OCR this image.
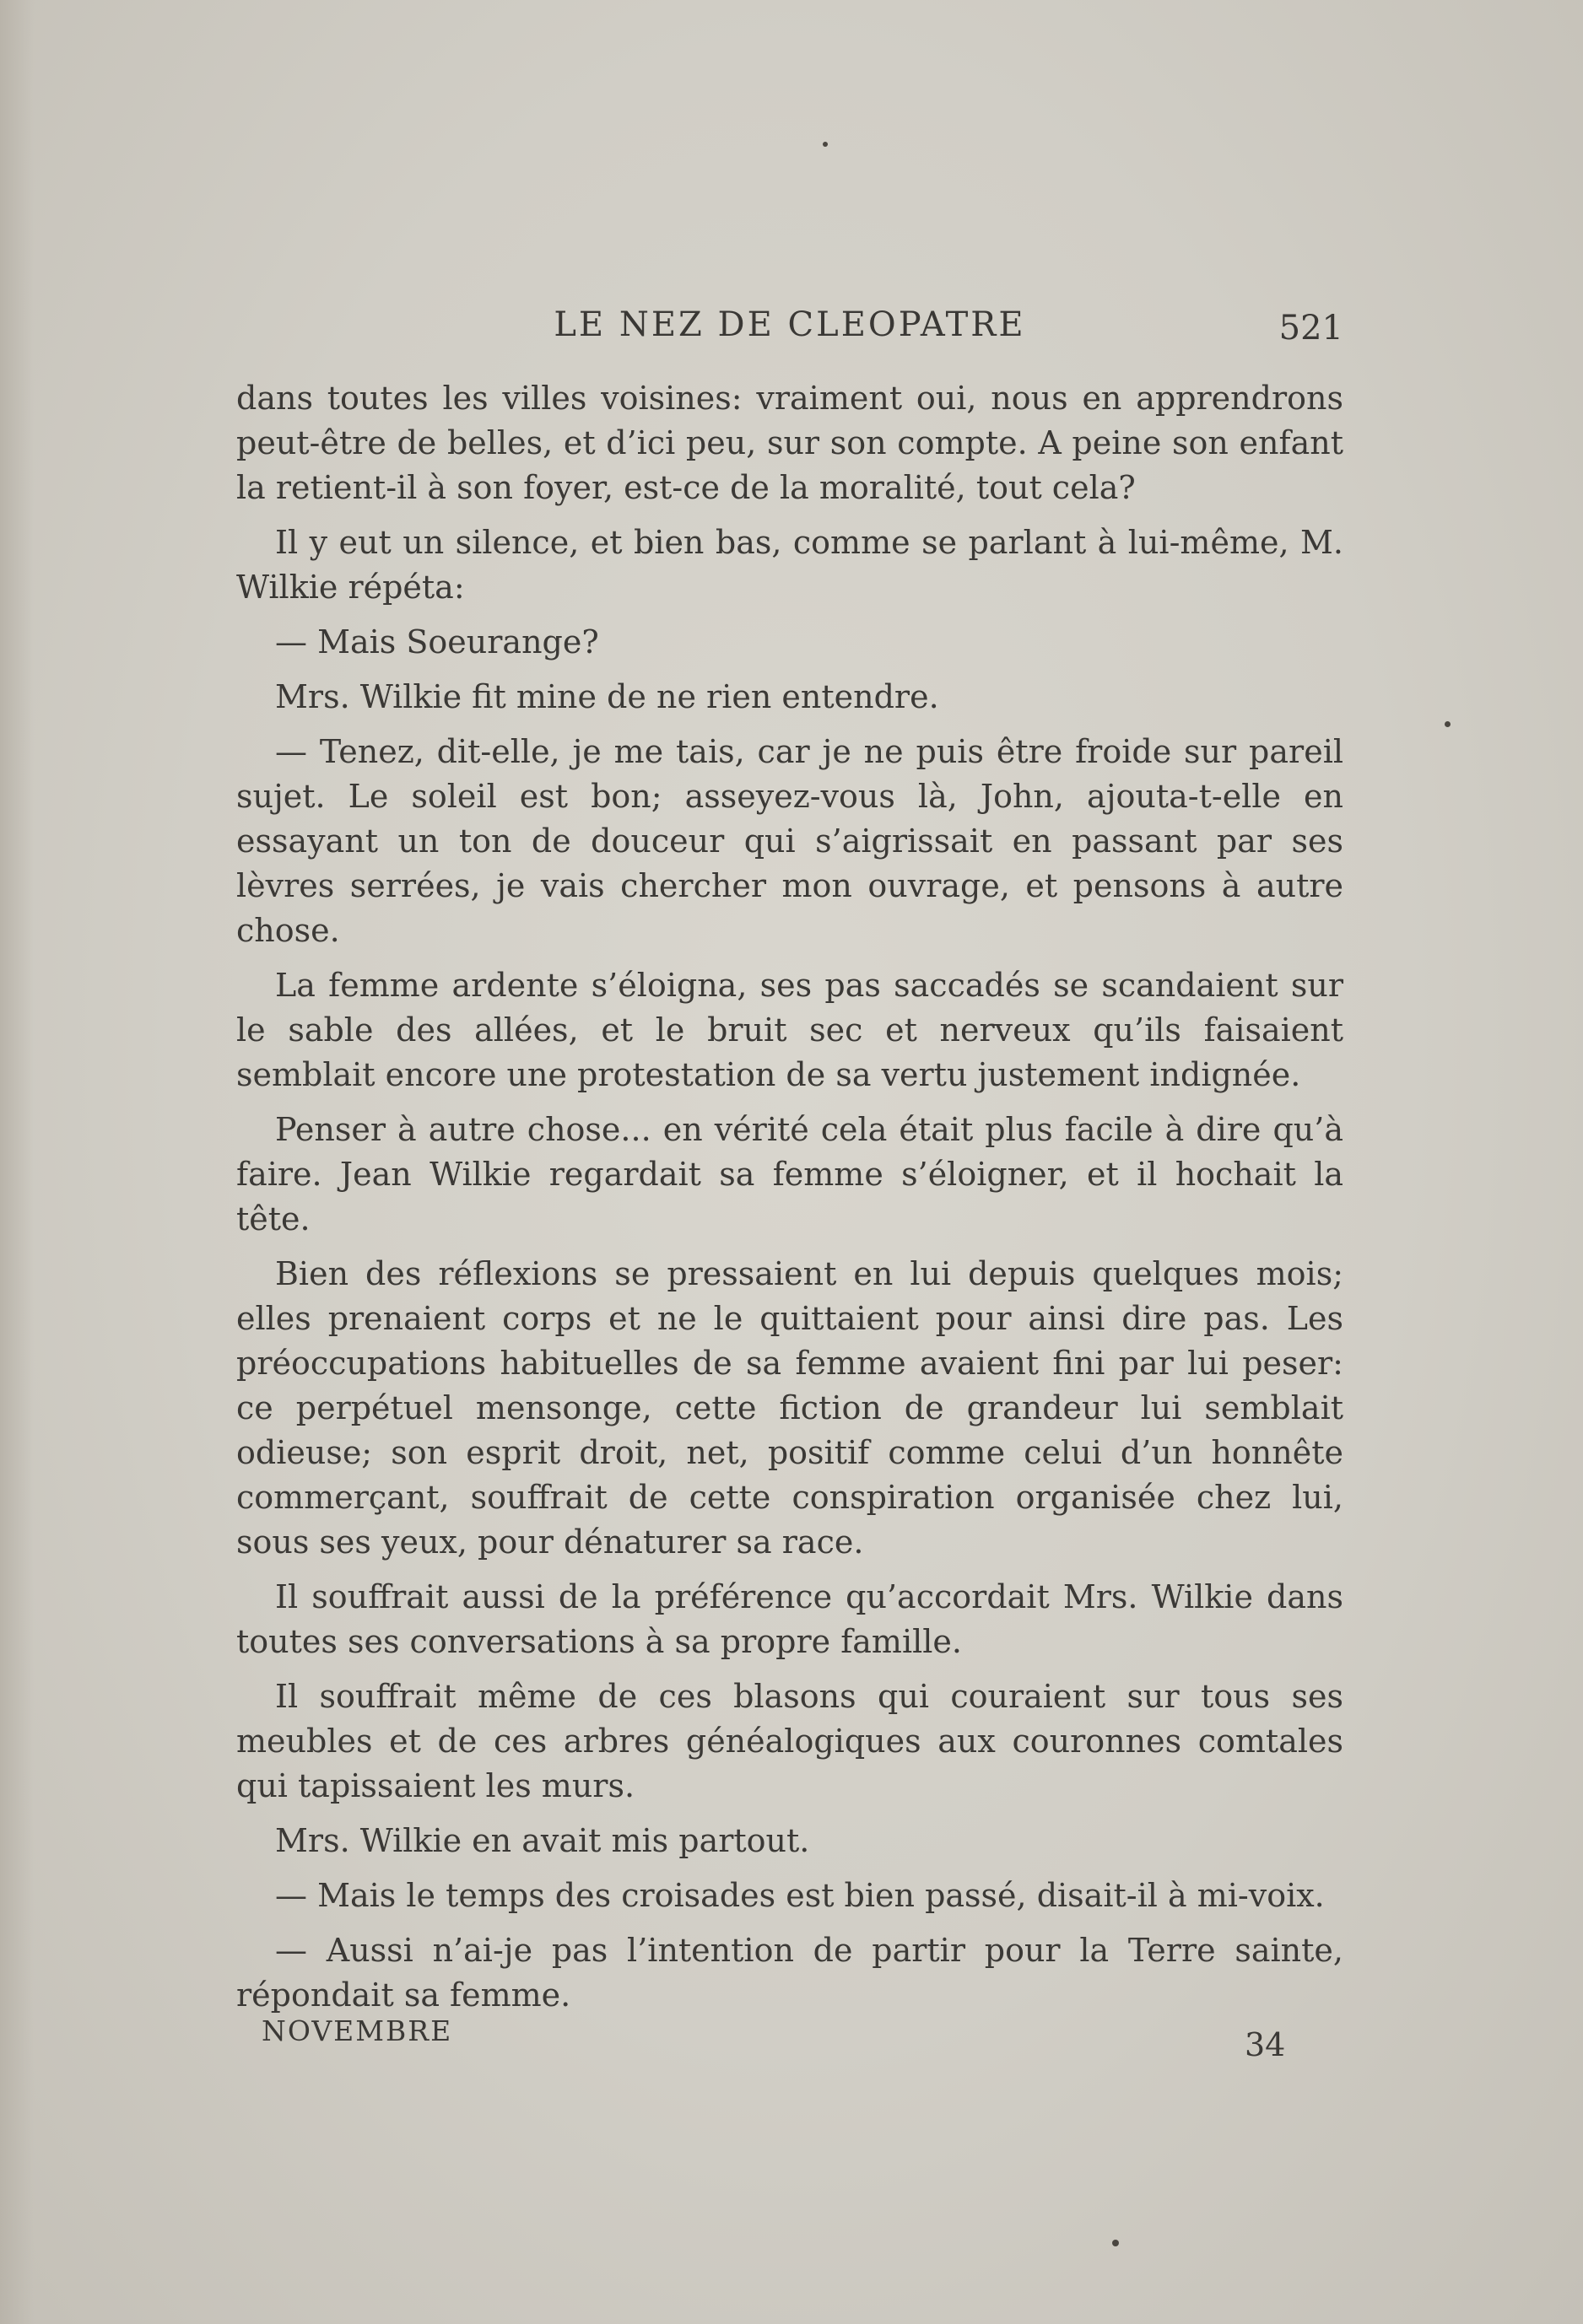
LE NEZ DE CLEOPATRE	521

dans toutes les villes voisines: vraiment oui, nous en apprendrons peut-être de belles, et d’ici peu, sur son compte. A peine son enfant la retient-il à son foyer, est-ce de la moralité, tout cela?

Il y eut un silence, et bien bas, comme se parlant à lui-même, M. Wilkie répéta:

— Mais Soeurange?

Mrs. Wilkie fit mine de ne rien entendre.

— Tenez, dit-elle, je me tais, car je ne puis être froide sur pareil sujet. Le soleil est bon; asseyez-vous là, John, ajouta-t-elle en essayant un ton de douceur qui s’aigrissait en passant par ses lèvres serrées, je vais chercher mon ouvrage, et pensons à autre chose.

La femme ardente s’éloigna, ses pas saccadés se scandaient sur le sable des allées, et le bruit sec et nerveux qu’ils faisaient semblait encore une protestation de sa vertu justement indignée.

Penser à autre chose... en vérité cela était plus facile à dire qu’à faire. Jean Wilkie regardait sa femme s’éloigner, et il hochait la tête.

Bien des réflexions se pressaient en lui depuis quelques mois; elles prenaient corps et ne le quittaient pour ainsi dire pas. Les préoccupations habituelles de sa femme avaient fini par lui peser: ce perpétuel mensonge, cette fiction de grandeur lui semblait odieuse; son esprit droit, net, positif comme celui d’un honnête commerçant, souffrait de cette conspiration organisée chez lui, sous ses yeux, pour dénaturer sa race.

Il souffrait aussi de la préférence qu’accordait Mrs. Wilkie dans toutes ses conversations à sa propre famille.

Il souffrait même de ces blasons qui couraient sur tous ses meubles et de ces arbres généalogiques aux couronnes comtales qui tapissaient les murs.

Mrs. Wilkie en avait mis partout.

— Mais le temps des croisades est bien passé, disait-il à mi-voix.

— Aussi n’ai-je pas l’intention de partir pour la Terre sainte, répondait sa femme.

NOVEMBRE	34
